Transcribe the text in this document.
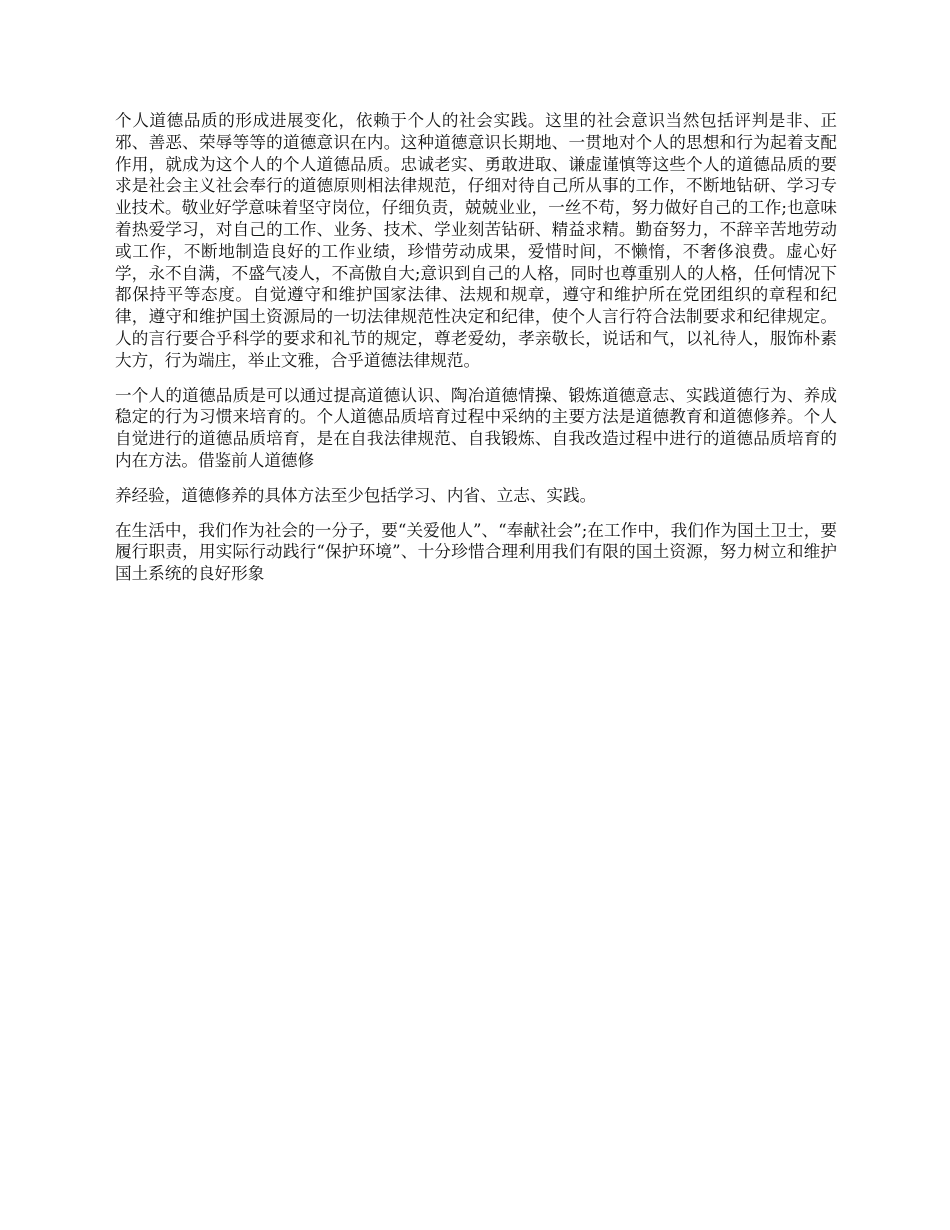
个人道德品质的形成进展变化，依赖于个人的社会实践。这里的社会意识当然包括评判是非、正邪、善恶、荣辱等等的道德意识在内。这种道德意识长期地、一贯地对个人的思想和行为起着支配作用，就成为这个人的个人道德品质。忠诚老实、勇敢进取、谦虚谨慎等这些个人的道德品质的要求是社会主义社会奉行的道德原则相法律规范，仔细对待自己所从事的工作，不断地钻研、学习专业技术。敬业好学意味着坚守岗位，仔细负责，兢兢业业，一丝不苟，努力做好自己的工作;也意味着热爱学习，对自己的工作、业务、技术、学业刻苦钻研、精益求精。勤奋努力，不辞辛苦地劳动或工作，不断地制造良好的工作业绩，珍惜劳动成果，爱惜时间，不懒惰，不奢侈浪费。虚心好学，永不自满，不盛气凌人，不高傲自大;意识到自己的人格，同时也尊重别人的人格，任何情况下都保持平等态度。自觉遵守和维护国家法律、法规和规章，遵守和维护所在党团组织的章程和纪律，遵守和维护国土资源局的一切法律规范性决定和纪律，使个人言行符合法制要求和纪律规定。人的言行要合乎科学的要求和礼节的规定，尊老爱幼，孝亲敬长，说话和气，以礼待人，服饰朴素大方，行为端庄，举止文雅，合乎道德法律规范。

一个人的道德品质是可以通过提高道德认识、陶冶道德情操、锻炼道德意志、实践道德行为、养成稳定的行为习惯来培育的。个人道德品质培育过程中采纳的主要方法是道德教育和道德修养。个人自觉进行的道德品质培育，是在自我法律规范、自我锻炼、自我改造过程中进行的道德品质培育的内在方法。借鉴前人道德修

养经验，道德修养的具体方法至少包括学习、内省、立志、实践。

在生活中，我们作为社会的一分子，要“关爱他人”、“奉献社会”;在工作中，我们作为国土卫士，要履行职责，用实际行动践行“保护环境”、十分珍惜合理利用我们有限的国土资源，努力树立和维护国土系统的良好形象
